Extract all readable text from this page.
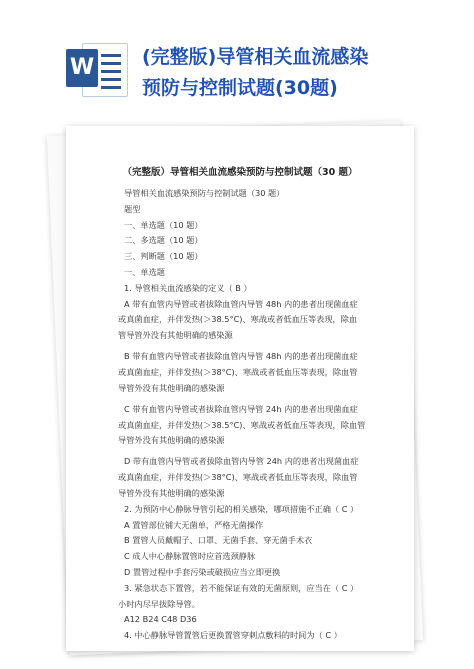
W	(完整版)导管相关血流感染
预防与控制试题(30题)
（完整版）导管相关血流感染预防与控制试题（30 题）
导管相关血流感染预防与控制试题（30 题）
题型
一、单选题（10 题）
二、多选题（10 题）
三、判断题（10 题）
一、单选题
1. 导管相关血流感染的定义（ B ）
A 带有血管内导管或者拔除血管内导管 48h 内的患者出现菌血症
或真菌血症，并伴发热(＞38.5°C)、寒战或者低血压等表现，除血
管导管外没有其他明确的感染源
B 带有血管内导管或者拔除血管内导管 48h 内的患者出现菌血症
或真菌血症，并伴发热(＞38°C)、寒战或者低血压等表现，除血管
导管外没有其他明确的感染源
C 带有血管内导管或者拔除血管内导管 24h 内的患者出现菌血症
或真菌血症，并伴发热(＞38.5°C)、寒战或者低血压等表现，除血管
导管外没有其他明确的感染源
D 带有血管内导管或者拔除血管内导管 24h 内的患者出现菌血症
或真菌血症，并伴发热(＞38°C)、寒战或者低血压等表现，除血管
导管外没有其他明确的感染源
2. 为预防中心静脉导管引起的相关感染，哪项措施不正确（ C ）
A 置管部位铺大无菌单，严格无菌操作
B 置管人员戴帽子、口罩、无菌手套、穿无菌手术衣
C 成人中心静脉置管时应首选颈静脉
D 置管过程中手套污染或破损应当立即更换
3. 紧急状态下置管，若不能保证有效的无菌原则，应当在（ C ）
小时内尽早拔除导管。
A12 B24 C48 D36
4. 中心静脉导管置管后更换置管穿刺点敷料的时间为（ C ）
